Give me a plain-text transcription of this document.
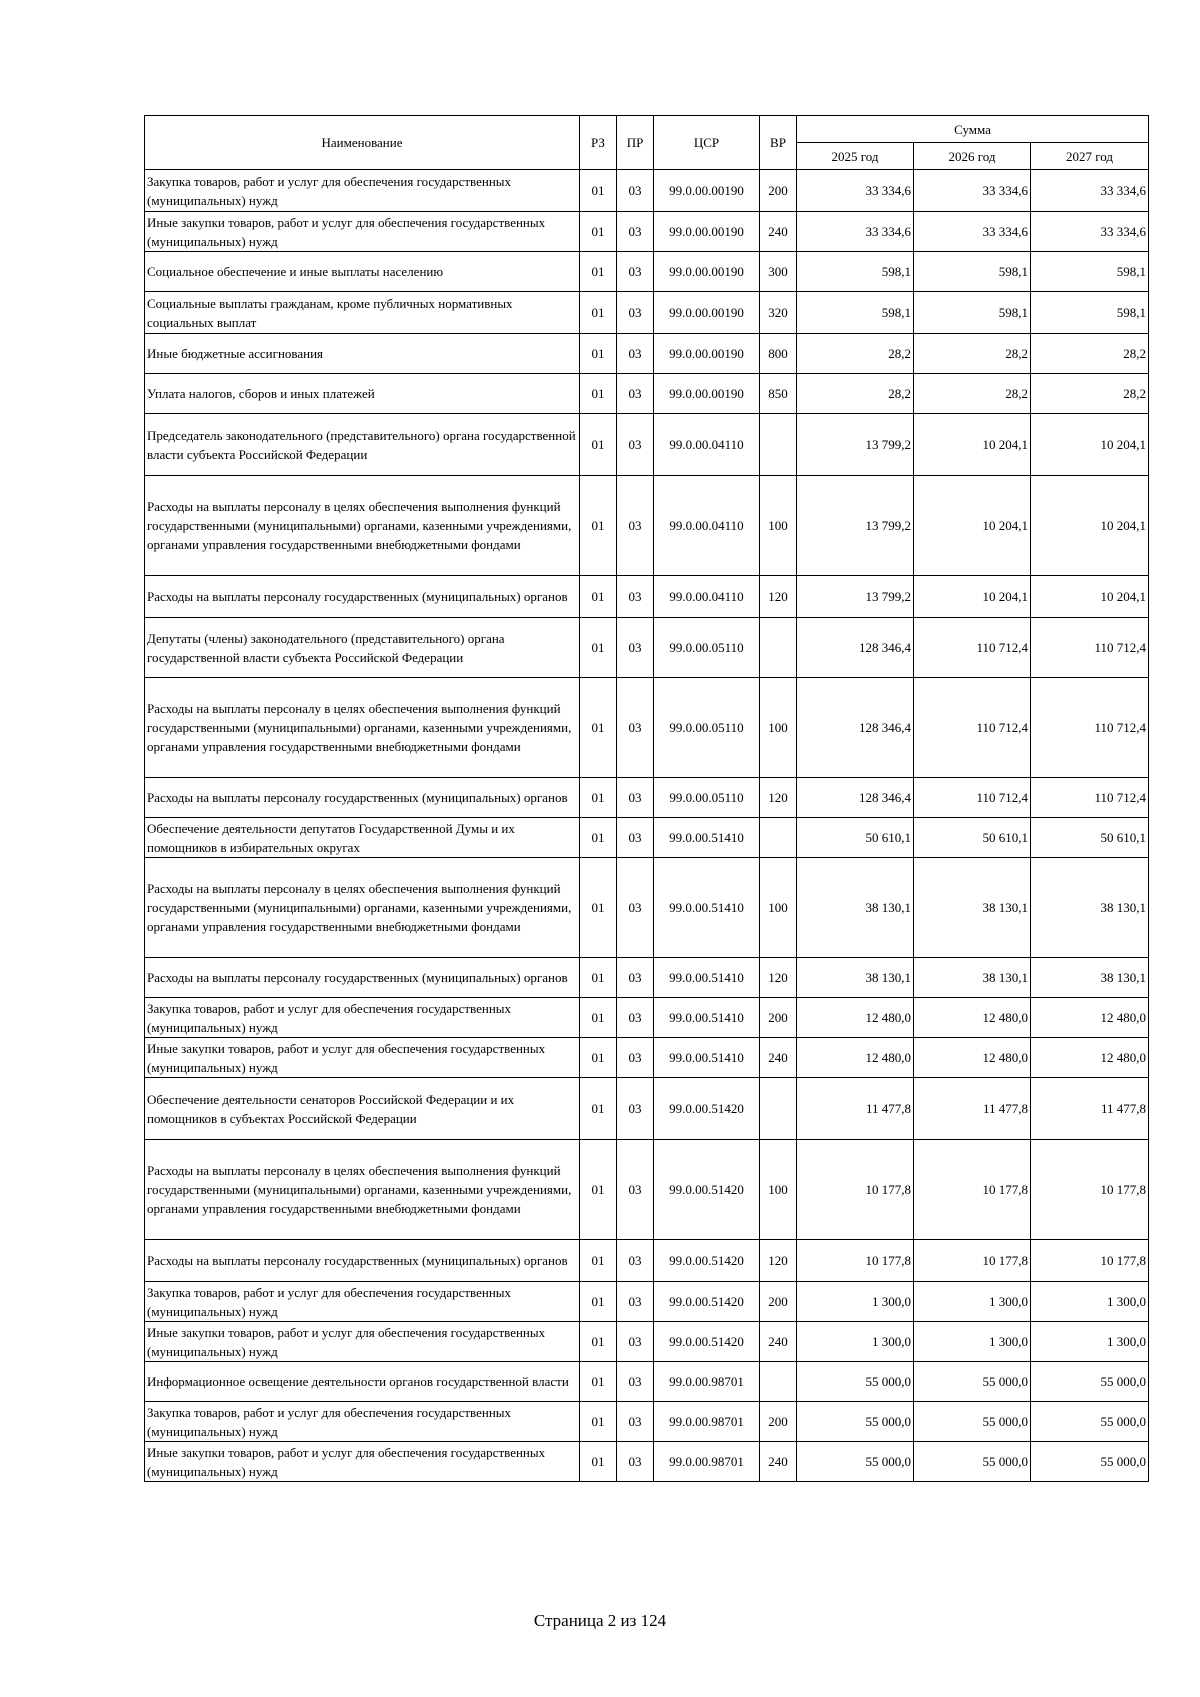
Наименование	РЗ	ПР	ЦСР	ВР	Сумма		
					2025 год	2026 год	2027 год
Закупка товаров, работ и услуг для обеспечения государственных (муниципальных) нужд	01	03	99.0.00.00190	200	33 334,6	33 334,6	33 334,6
Иные закупки товаров, работ и услуг для обеспечения государственных (муниципальных) нужд	01	03	99.0.00.00190	240	33 334,6	33 334,6	33 334,6
Социальное обеспечение и иные выплаты населению	01	03	99.0.00.00190	300	598,1	598,1	598,1
Социальные выплаты гражданам, кроме публичных нормативных социальных выплат	01	03	99.0.00.00190	320	598,1	598,1	598,1
Иные бюджетные ассигнования	01	03	99.0.00.00190	800	28,2	28,2	28,2
Уплата налогов, сборов и иных платежей	01	03	99.0.00.00190	850	28,2	28,2	28,2
Председатель законодательного (представительного) органа государственной власти субъекта Российской Федерации	01	03	99.0.00.04110		13 799,2	10 204,1	10 204,1
Расходы на выплаты персоналу в целях обеспечения выполнения функций государственными (муниципальными) органами, казенными учреждениями, органами управления государственными внебюджетными фондами	01	03	99.0.00.04110	100	13 799,2	10 204,1	10 204,1
Расходы на выплаты персоналу государственных (муниципальных) органов	01	03	99.0.00.04110	120	13 799,2	10 204,1	10 204,1
Депутаты (члены) законодательного (представительного) органа государственной власти субъекта Российской Федерации	01	03	99.0.00.05110		128 346,4	110 712,4	110 712,4
Расходы на выплаты персоналу в целях обеспечения выполнения функций государственными (муниципальными) органами, казенными учреждениями, органами управления государственными внебюджетными фондами	01	03	99.0.00.05110	100	128 346,4	110 712,4	110 712,4
Расходы на выплаты персоналу государственных (муниципальных) органов	01	03	99.0.00.05110	120	128 346,4	110 712,4	110 712,4
Обеспечение деятельности депутатов Государственной Думы и их помощников в избирательных округах	01	03	99.0.00.51410		50 610,1	50 610,1	50 610,1
Расходы на выплаты персоналу в целях обеспечения выполнения функций государственными (муниципальными) органами, казенными учреждениями, органами управления государственными внебюджетными фондами	01	03	99.0.00.51410	100	38 130,1	38 130,1	38 130,1
Расходы на выплаты персоналу государственных (муниципальных) органов	01	03	99.0.00.51410	120	38 130,1	38 130,1	38 130,1
Закупка товаров, работ и услуг для обеспечения государственных (муниципальных) нужд	01	03	99.0.00.51410	200	12 480,0	12 480,0	12 480,0
Иные закупки товаров, работ и услуг для обеспечения государственных (муниципальных) нужд	01	03	99.0.00.51410	240	12 480,0	12 480,0	12 480,0
Обеспечение деятельности сенаторов Российской Федерации и их помощников в субъектах Российской Федерации	01	03	99.0.00.51420		11 477,8	11 477,8	11 477,8
Расходы на выплаты персоналу в целях обеспечения выполнения функций государственными (муниципальными) органами, казенными учреждениями, органами управления государственными внебюджетными фондами	01	03	99.0.00.51420	100	10 177,8	10 177,8	10 177,8
Расходы на выплаты персоналу государственных (муниципальных) органов	01	03	99.0.00.51420	120	10 177,8	10 177,8	10 177,8
Закупка товаров, работ и услуг для обеспечения государственных (муниципальных) нужд	01	03	99.0.00.51420	200	1 300,0	1 300,0	1 300,0
Иные закупки товаров, работ и услуг для обеспечения государственных (муниципальных) нужд	01	03	99.0.00.51420	240	1 300,0	1 300,0	1 300,0
Информационное освещение деятельности органов государственной власти	01	03	99.0.00.98701		55 000,0	55 000,0	55 000,0
Закупка товаров, работ и услуг для обеспечения государственных (муниципальных) нужд	01	03	99.0.00.98701	200	55 000,0	55 000,0	55 000,0
Иные закупки товаров, работ и услуг для обеспечения государственных (муниципальных) нужд	01	03	99.0.00.98701	240	55 000,0	55 000,0	55 000,0
Страница 2 из 124
